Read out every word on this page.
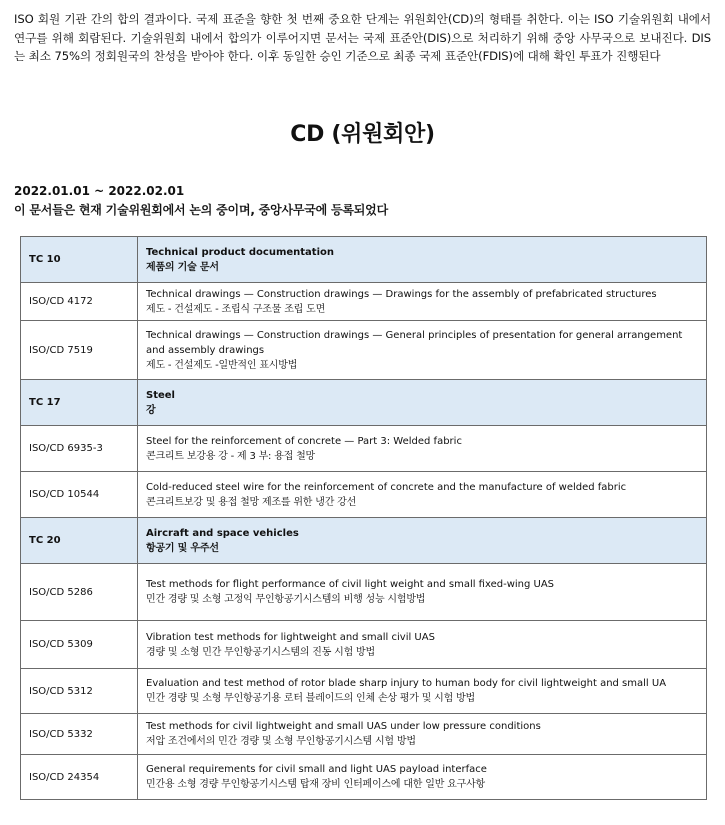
ISO 회원 기관 간의 합의 결과이다. 국제 표준을 향한 첫 번째 중요한 단계는 위원회안(CD)의 형태를 취한다. 이는 ISO 기술위원회 내에서 연구를 위해 회람된다. 기술위원회 내에서 합의가 이루어지면 문서는 국제 표준안(DIS)으로 처리하기 위해 중앙 사무국으로 보내진다. DIS 는 최소 75%의 정회원국의 찬성을 받아야 한다. 이후 동일한 승인 기준으로 최종 국제 표준안(FDIS)에 대해 확인 투표가 진행된다
CD (위원회안)
2022.01.01 ~ 2022.02.01
이 문서들은 현재 기술위원회에서 논의 중이며, 중앙사무국에 등록되었다
TC 10	Technical product documentation
제품의 기술 문서

ISO/CD 4172	Technical drawings — Construction drawings — Drawings for the assembly of prefabricated structures
제도 - 건설제도 - 조립식 구조물 조립 도면

ISO/CD 7519	Technical drawings — Construction drawings — General principles of presentation for general arrangement and assembly drawings
제도 - 건설제도 -일반적인 표시방법

TC 17	Steel
강

ISO/CD 6935-3	Steel for the reinforcement of concrete — Part 3: Welded fabric
콘크리트 보강용 강 - 제 3 부: 용접 철망

ISO/CD 10544	Cold-reduced steel wire for the reinforcement of concrete and the manufacture of welded fabric
콘크리트보강 및 용접 철망 제조를 위한 냉간 강선

TC 20	Aircraft and space vehicles
항공기 및 우주선

ISO/CD 5286	Test methods for flight performance of civil light weight and small fixed-wing UAS
민간 경량 및 소형 고정익 무인항공기시스템의 비행 성능 시험방법

ISO/CD 5309	Vibration test methods for lightweight and small civil UAS
경량 및 소형 민간 무인항공기시스템의 진동 시험 방법

ISO/CD 5312	Evaluation and test method of rotor blade sharp injury to human body for civil lightweight and small UA
민간 경량 및 소형 무인항공기용 로터 블레이드의 인체 손상 평가 및 시험 방법

ISO/CD 5332	Test methods for civil lightweight and small UAS under low pressure conditions
저압 조건에서의 민간 경량 및 소형 무인항공기시스템 시험 방법

ISO/CD 24354	General requirements for civil small and light UAS payload interface
민간용 소형 경량 무인항공기시스템 탑재 장비 인터페이스에 대한 일반 요구사항
